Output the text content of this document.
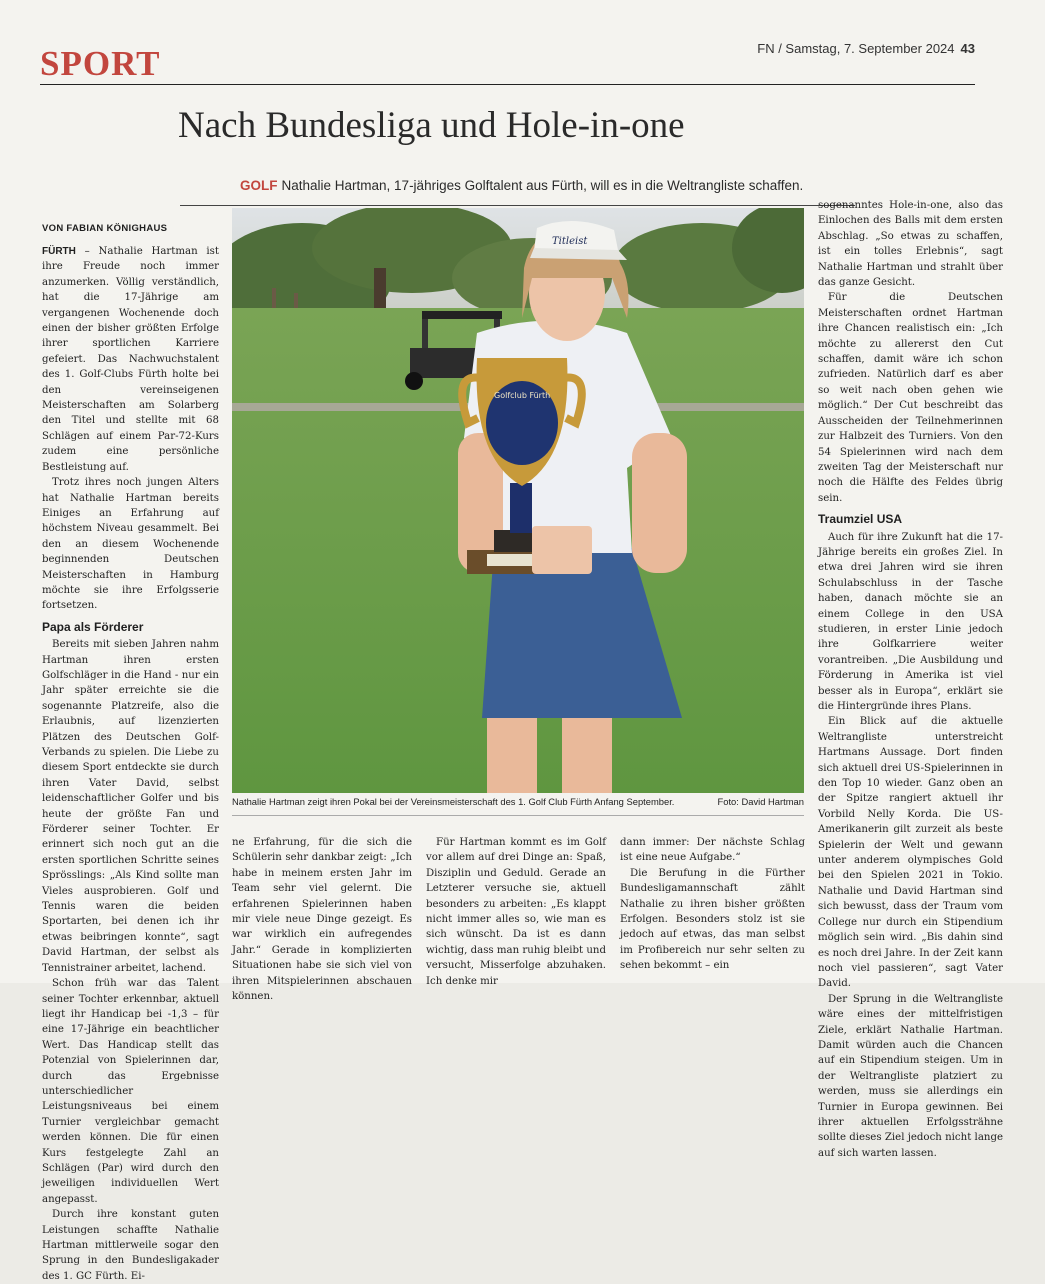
SPORT	FN / Samstag, 7. September 2024 43
Nach Bundesliga und Hole-in-one
GOLF Nathalie Hartman, 17-jähriges Golftalent aus Fürth, will es in die Weltrangliste schaffen.
VON FABIAN KÖNIGHAUS

FÜRTH – Nathalie Hartman ist ihre Freude noch immer anzumerken. Völlig verständlich, hat die 17-Jährige am vergangenen Wochenende doch einen der bisher größten Erfolge ihrer sportlichen Karriere gefeiert. Das Nachwuchstalent des 1. Golf-Clubs Fürth holte bei den vereinseigenen Meisterschaften am Solarberg den Titel und stellte mit 68 Schlägen auf einem Par-72-Kurs zudem eine persönliche Bestleistung auf.

Trotz ihres noch jungen Alters hat Nathalie Hartman bereits Einiges an Erfahrung auf höchstem Niveau gesammelt. Bei den an diesem Wochenende beginnenden Deutschen Meisterschaften in Hamburg möchte sie ihre Erfolgsserie fortsetzen.

Papa als Förderer

Bereits mit sieben Jahren nahm Hartman ihren ersten Golfschläger in die Hand - nur ein Jahr später erreichte sie die sogenannte Platzreife, also die Erlaubnis, auf lizenzierten Plätzen des Deutschen Golf-Verbands zu spielen. Die Liebe zu diesem Sport entdeckte sie durch ihren Vater David, selbst leidenschaftlicher Golfer und bis heute der größte Fan und Förderer seiner Tochter. Er erinnert sich noch gut an die ersten sportlichen Schritte seines Sprösslings: „Als Kind sollte man Vieles ausprobieren. Golf und Tennis waren die beiden Sportarten, bei denen ich ihr etwas beibringen konnte“, sagt David Hartman, der selbst als Tennistrainer arbeitet, lachend.

Schon früh war das Talent seiner Tochter erkennbar, aktuell liegt ihr Handicap bei -1,3 – für eine 17-Jährige ein beachtlicher Wert. Das Handicap stellt das Potenzial von Spielerinnen dar, durch das Ergebnisse unterschiedlicher Leistungsniveaus bei einem Turnier vergleichbar gemacht werden können. Die für einen Kurs festgelegte Zahl an Schlägen (Par) wird durch den jeweiligen individuellen Wert angepasst.

Durch ihre konstant guten Leistungen schaffte Nathalie Hartman mittlerweile sogar den Sprung in den Bundesligakader des 1. GC Fürth. Ei-

Titleist
Golfclub Fürth
Nathalie Hartman zeigt ihren Pokal bei der Vereinsmeisterschaft des 1. Golf Club Fürth Anfang September.	Foto: David Hartman

ne Erfahrung, für die sich die Schülerin sehr dankbar zeigt: „Ich habe in meinem ersten Jahr im Team sehr viel gelernt. Die erfahrenen Spielerinnen haben mir viele neue Dinge gezeigt. Es war wirklich ein aufregendes Jahr.“ Gerade in komplizierten Situationen habe sie sich viel von ihren Mitspielerinnen abschauen können.

Für Hartman kommt es im Golf vor allem auf drei Dinge an: Spaß, Disziplin und Geduld. Gerade an Letzterer versuche sie, aktuell besonders zu arbeiten: „Es klappt nicht immer alles so, wie man es sich wünscht. Da ist es dann wichtig, dass man ruhig bleibt und versucht, Misserfolge abzuhaken. Ich denke mir

dann immer: Der nächste Schlag ist eine neue Aufgabe.“

Die Berufung in die Fürther Bundesligamannschaft zählt Nathalie zu ihren bisher größten Erfolgen. Besonders stolz ist sie jedoch auf etwas, das man selbst im Profibereich nur sehr selten zu sehen bekommt – ein

sogenanntes Hole-in-one, also das Einlochen des Balls mit dem ersten Abschlag. „So etwas zu schaffen, ist ein tolles Erlebnis“, sagt Nathalie Hartman und strahlt über das ganze Gesicht.

Für die Deutschen Meisterschaften ordnet Hartman ihre Chancen realistisch ein: „Ich möchte zu allererst den Cut schaffen, damit wäre ich schon zufrieden. Natürlich darf es aber so weit nach oben gehen wie möglich.“ Der Cut beschreibt das Ausscheiden der Teilnehmerinnen zur Halbzeit des Turniers. Von den 54 Spielerinnen wird nach dem zweiten Tag der Meisterschaft nur noch die Hälfte des Feldes übrig sein.

Traumziel USA

Auch für ihre Zukunft hat die 17-Jährige bereits ein großes Ziel. In etwa drei Jahren wird sie ihren Schulabschluss in der Tasche haben, danach möchte sie an einem College in den USA studieren, in erster Linie jedoch ihre Golfkarriere weiter vorantreiben. „Die Ausbildung und Förderung in Amerika ist viel besser als in Europa“, erklärt sie die Hintergründe ihres Plans.

Ein Blick auf die aktuelle Weltrangliste unterstreicht Hartmans Aussage. Dort finden sich aktuell drei US-Spielerinnen in den Top 10 wieder. Ganz oben an der Spitze rangiert aktuell ihr Vorbild Nelly Korda. Die US-Amerikanerin gilt zurzeit als beste Spielerin der Welt und gewann unter anderem olympisches Gold bei den Spielen 2021 in Tokio. Nathalie und David Hartman sind sich bewusst, dass der Traum vom College nur durch ein Stipendium möglich sein wird. „Bis dahin sind es noch drei Jahre. In der Zeit kann noch viel passieren“, sagt Vater David.

Der Sprung in die Weltrangliste wäre eines der mittelfristigen Ziele, erklärt Nathalie Hartman. Damit würden auch die Chancen auf ein Stipendium steigen. Um in der Weltrangliste platziert zu werden, muss sie allerdings ein Turnier in Europa gewinnen. Bei ihrer aktuellen Erfolgssträhne sollte dieses Ziel jedoch nicht lange auf sich warten lassen.
